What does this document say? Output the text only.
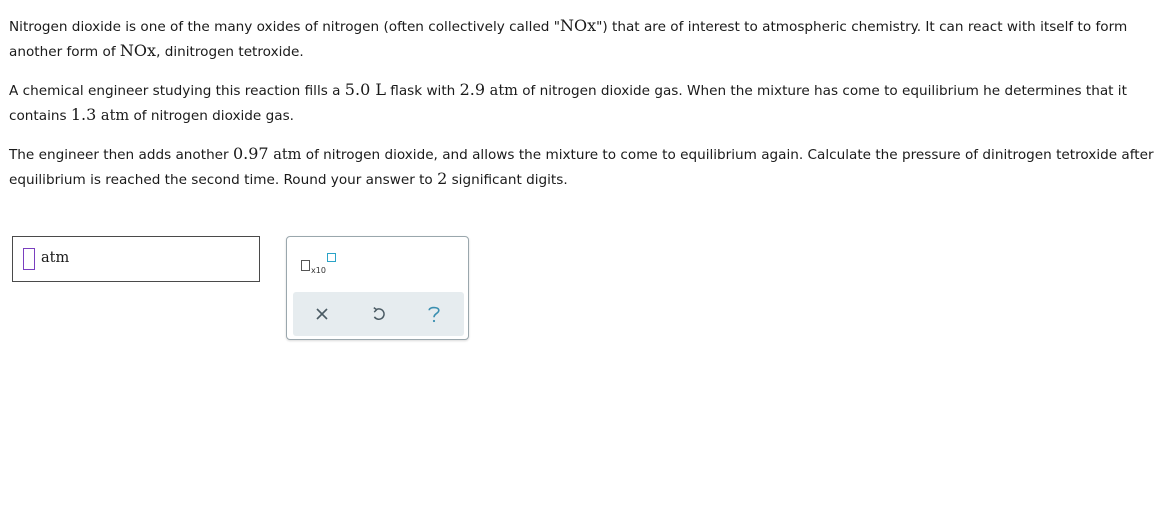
Nitrogen dioxide is one of the many oxides of nitrogen (often collectively called "NOx") that are of interest to atmospheric chemistry. It can react with itself to form another form of NOx, dinitrogen tetroxide.

A chemical engineer studying this reaction fills a 5.0 L flask with 2.9 atm of nitrogen dioxide gas. When the mixture has come to equilibrium he determines that it contains 1.3 atm of nitrogen dioxide gas.

The engineer then adds another 0.97 atm of nitrogen dioxide, and allows the mixture to come to equilibrium again. Calculate the pressure of dinitrogen tetroxide after equilibrium is reached the second time. Round your answer to 2 significant digits.

atm
x10
